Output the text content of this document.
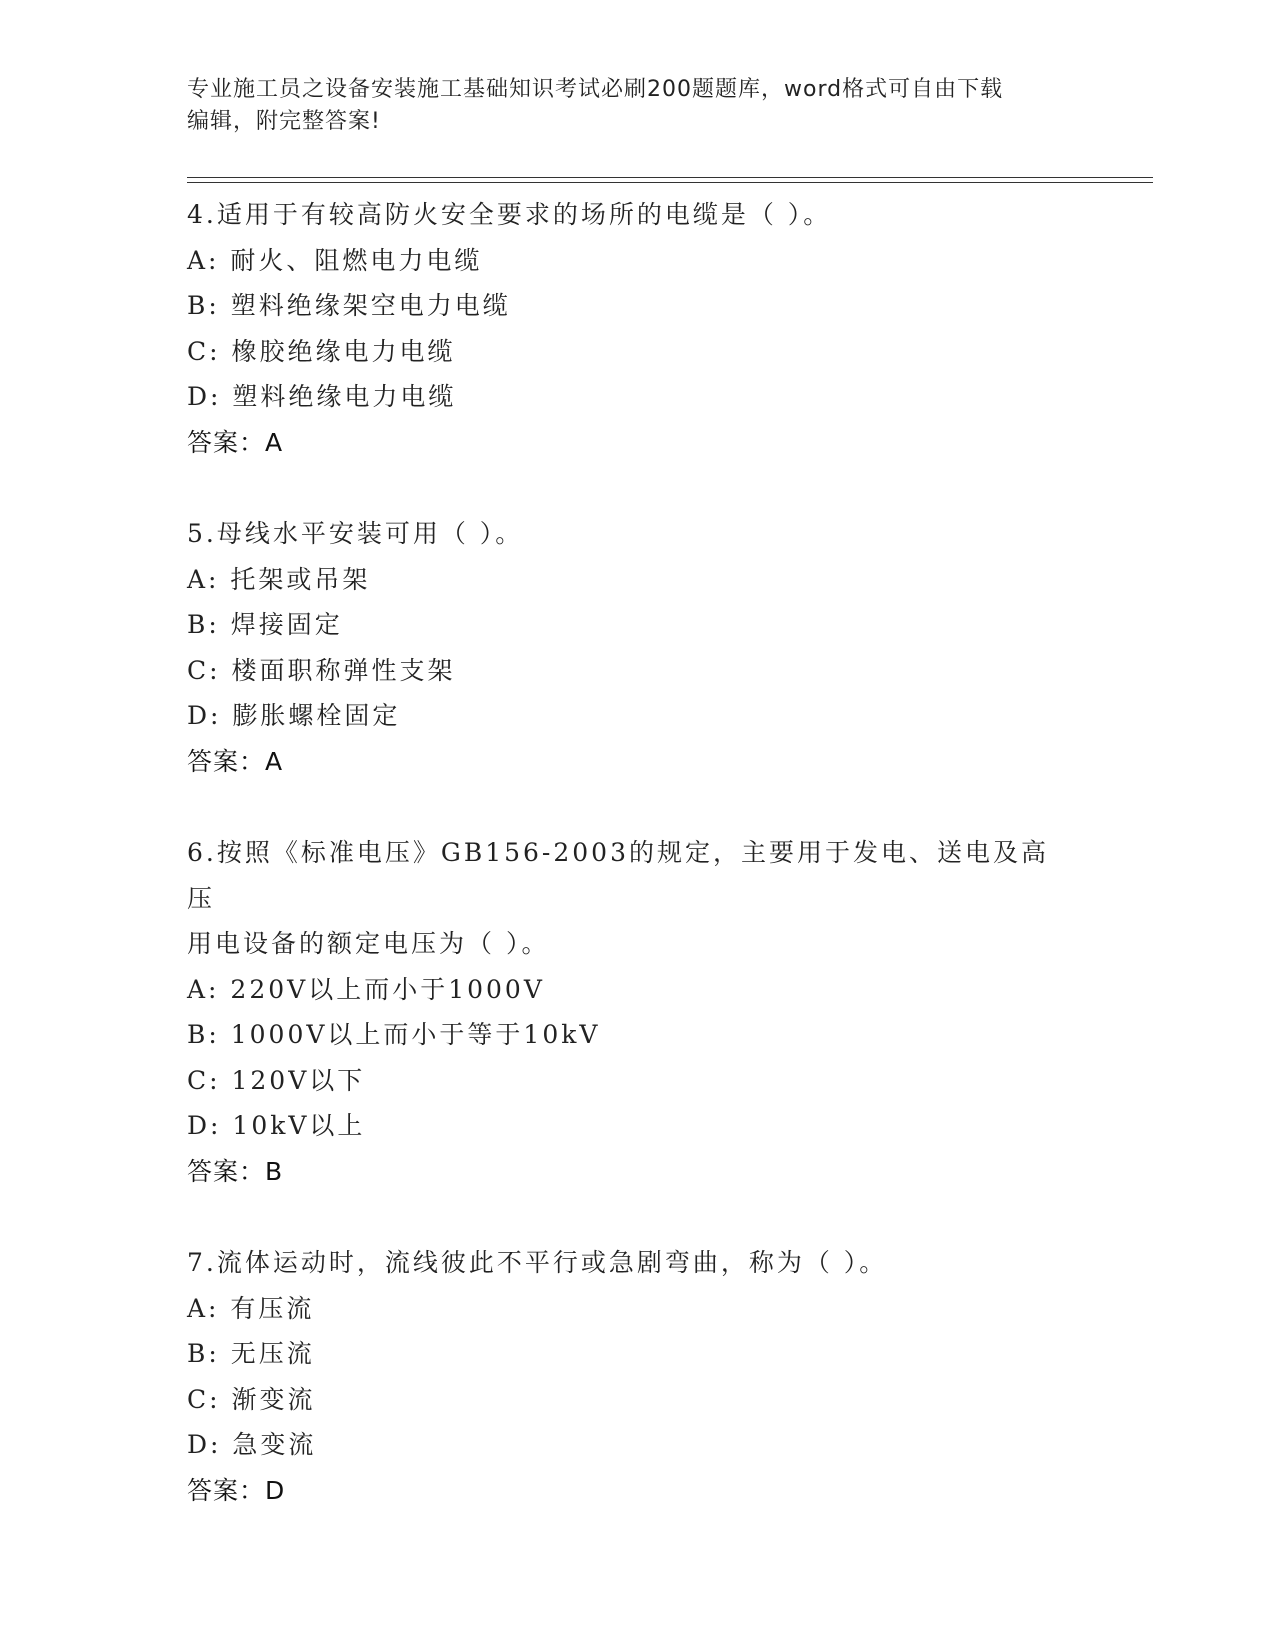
专业施工员之设备安装施工基础知识考试必刷200题题库，word格式可自由下载
编辑，附完整答案!
4.适用于有较高防火安全要求的场所的电缆是（ ）。
A: 耐火、阻燃电力电缆
B: 塑料绝缘架空电力电缆
C: 橡胶绝缘电力电缆
D: 塑料绝缘电力电缆
答案：A
5.母线水平安装可用（ ）。
A: 托架或吊架
B: 焊接固定
C: 楼面职称弹性支架
D: 膨胀螺栓固定
答案：A
6.按照《标准电压》GB156-2003的规定，主要用于发电、送电及高压
用电设备的额定电压为（ ）。
A: 220V以上而小于1000V
B: 1000V以上而小于等于10kV
C: 120V以下
D: 10kV以上
答案：B
7.流体运动时，流线彼此不平行或急剧弯曲，称为（ ）。
A: 有压流
B: 无压流
C: 渐变流
D: 急变流
答案：D
